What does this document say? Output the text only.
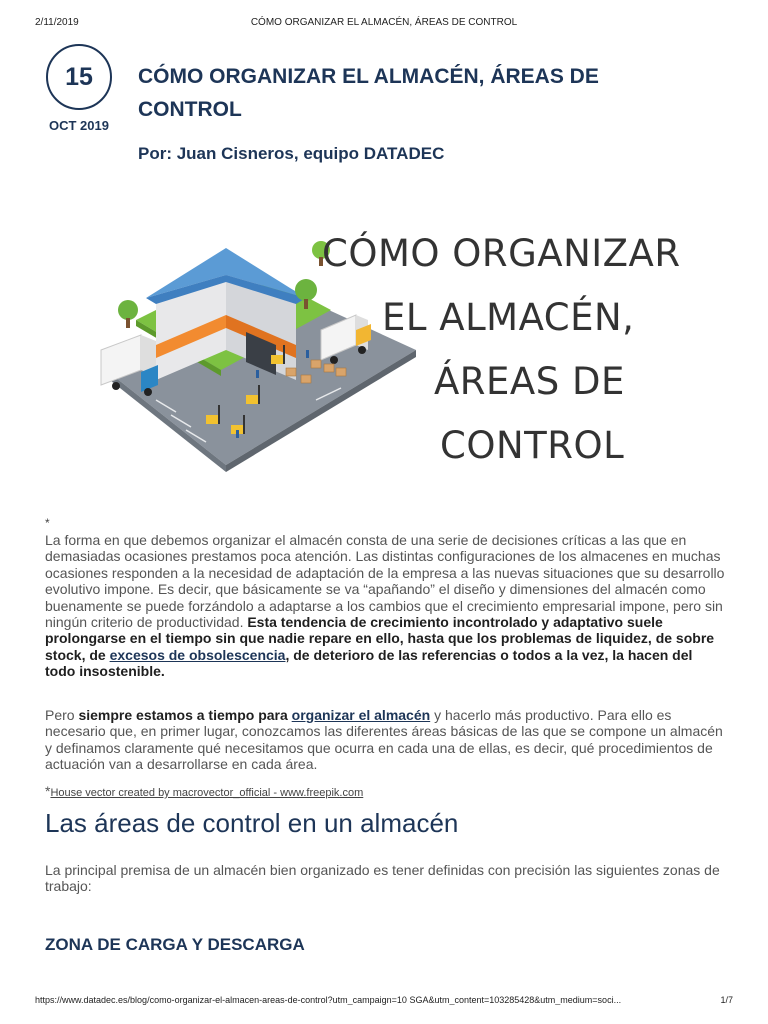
2/11/2019	CÓMO ORGANIZAR EL ALMACÉN, ÁREAS DE CONTROL
15
OCT 2019
CÓMO ORGANIZAR EL ALMACÉN, ÁREAS DE CONTROL

Por: Juan Cisneros, equipo DATADEC

CÓMO ORGANIZAR
EL ALMACÉN,
ÁREAS DE
CONTROL
*

La forma en que debemos organizar el almacén consta de una serie de decisiones críticas a las que en demasiadas ocasiones prestamos poca atención. Las distintas configuraciones de los almacenes en muchas ocasiones responden a la necesidad de adaptación de la empresa a las nuevas situaciones que su desarrollo evolutivo impone. Es decir, que básicamente se va “apañando” el diseño y dimensiones del almacén como buenamente se puede forzándolo a adaptarse a los cambios que el crecimiento empresarial impone, pero sin ningún criterio de productividad. Esta tendencia de crecimiento incontrolado y adaptativo suele prolongarse en el tiempo sin que nadie repare en ello, hasta que los problemas de liquidez, de sobre stock, de excesos de obsolescencia, de deterioro de las referencias o todos a la vez, la hacen del todo insostenible.

Pero siempre estamos a tiempo para organizar el almacén y hacerlo más productivo. Para ello es necesario que, en primer lugar, conozcamos las diferentes áreas básicas de las que se compone un almacén y definamos claramente qué necesitamos que ocurra en cada una de ellas, es decir, qué procedimientos de actuación van a desarrollarse en cada área.

*House vector created by macrovector_official - www.freepik.com
Las áreas de control en un almacén

La principal premisa de un almacén bien organizado es tener definidas con precisión las siguientes zonas de trabajo:

ZONA DE CARGA Y DESCARGA
https://www.datadec.es/blog/como-organizar-el-almacen-areas-de-control?utm_campaign=10 SGA&utm_content=103285428&utm_medium=soci...	1/7
